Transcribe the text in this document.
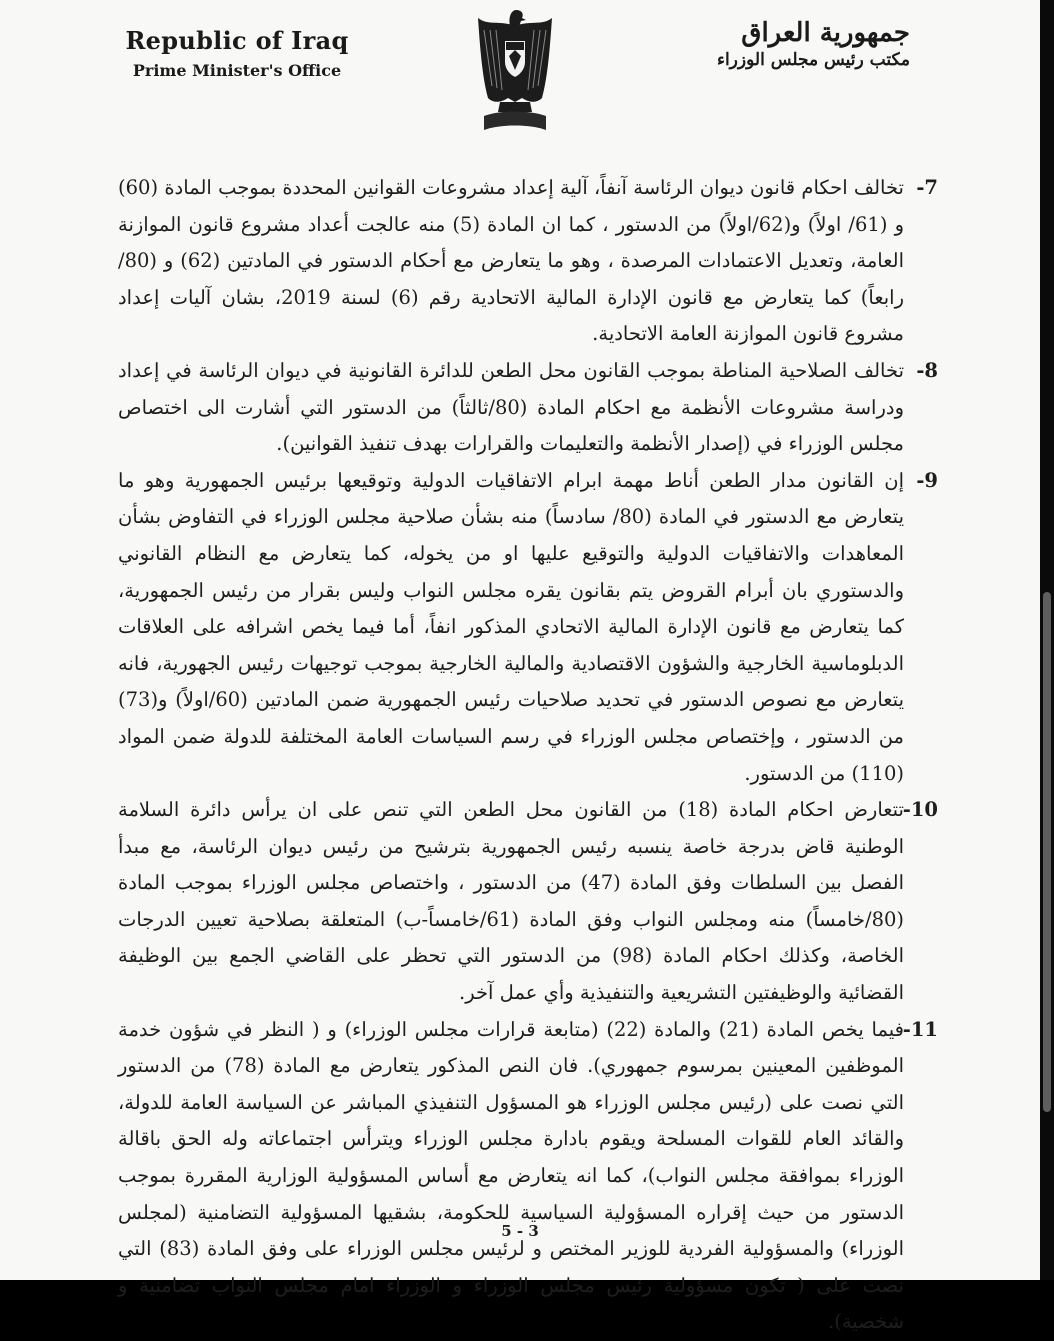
Republic of Iraq
Prime Minister's Office
جمهورية العراق
مكتب رئيس مجلس الوزراء

-7
تخالف احكام قانون ديوان الرئاسة آنفاً، آلية إعداد مشروعات القوانين المحددة بموجب المادة (60) و (61/ اولاً) و(62/اولاً) من الدستور ، كما ان المادة (5) منه عالجت أعداد مشروع قانون الموازنة العامة، وتعديل الاعتمادات المرصدة ، وهو ما يتعارض مع أحكام الدستور في المادتين (62) و (80/رابعاً) كما يتعارض مع قانون الإدارة المالية الاتحادية رقم (6) لسنة 2019، بشان آليات إعداد مشروع قانون الموازنة العامة الاتحادية.

-8
تخالف الصلاحية المناطة بموجب القانون محل الطعن للدائرة القانونية في ديوان الرئاسة في إعداد ودراسة مشروعات الأنظمة مع احكام المادة (80/ثالثاً) من الدستور التي أشارت الى اختصاص مجلس الوزراء في (إصدار الأنظمة والتعليمات والقرارات بهدف تنفيذ القوانين).

-9
إن القانون مدار الطعن أناط مهمة ابرام الاتفاقيات الدولية وتوقيعها برئيس الجمهورية وهو ما يتعارض مع الدستور في المادة (80/ سادساً) منه بشأن صلاحية مجلس الوزراء في التفاوض بشأن المعاهدات والاتفاقيات الدولية والتوقيع عليها او من يخوله، كما يتعارض مع النظام القانوني والدستوري بان أبرام القروض يتم بقانون يقره مجلس النواب وليس بقرار من رئيس الجمهورية، كما يتعارض مع قانون الإدارة المالية الاتحادي المذكور انفاً، أما فيما يخص اشرافه على العلاقات الدبلوماسية الخارجية والشؤون الاقتصادية والمالية الخارجية بموجب توجيهات رئيس الجهورية، فانه يتعارض مع نصوص الدستور في تحديد صلاحيات رئيس الجمهورية ضمن المادتين (60/اولاً) و(73) من الدستور ، وإختصاص مجلس الوزراء في رسم السياسات العامة المختلفة للدولة ضمن المواد (110) من الدستور.

-10
تتعارض احكام المادة (18) من القانون محل الطعن التي تنص على ان يرأس دائرة السلامة الوطنية قاض بدرجة خاصة ينسبه رئيس الجمهورية بترشيح من رئيس ديوان الرئاسة، مع مبدأ الفصل بين السلطات وفق المادة (47) من الدستور ، واختصاص مجلس الوزراء بموجب المادة (80/خامساً) منه ومجلس النواب وفق المادة (61/خامساً-ب) المتعلقة بصلاحية تعيين الدرجات الخاصة، وكذلك احكام المادة (98) من الدستور التي تحظر على القاضي الجمع بين الوظيفة القضائية والوظيفتين التشريعية والتنفيذية وأي عمل آخر.

-11
فيما يخص المادة (21) والمادة (22) (متابعة قرارات مجلس الوزراء) و ( النظر في شؤون خدمة الموظفين المعينين بمرسوم جمهوري). فان النص المذكور يتعارض مع المادة (78) من الدستور التي نصت على (رئيس مجلس الوزراء هو المسؤول التنفيذي المباشر عن السياسة العامة للدولة، والقائد العام للقوات المسلحة ويقوم بادارة مجلس الوزراء ويترأس اجتماعاته وله الحق باقالة الوزراء بموافقة مجلس النواب)، كما انه يتعارض مع أساس المسؤولية الوزارية المقررة بموجب الدستور من حيث إقراره المسؤولية السياسية للحكومة، بشقيها المسؤولية التضامنية (لمجلس الوزراء) والمسؤولية الفردية للوزير المختص و لرئيس مجلس الوزراء على وفق المادة (83) التي نصت على ( تكون مسؤولية رئيس مجلس الوزراء و الوزراء امام مجلس النواب تضامنية و شخصية).

5 - 3
